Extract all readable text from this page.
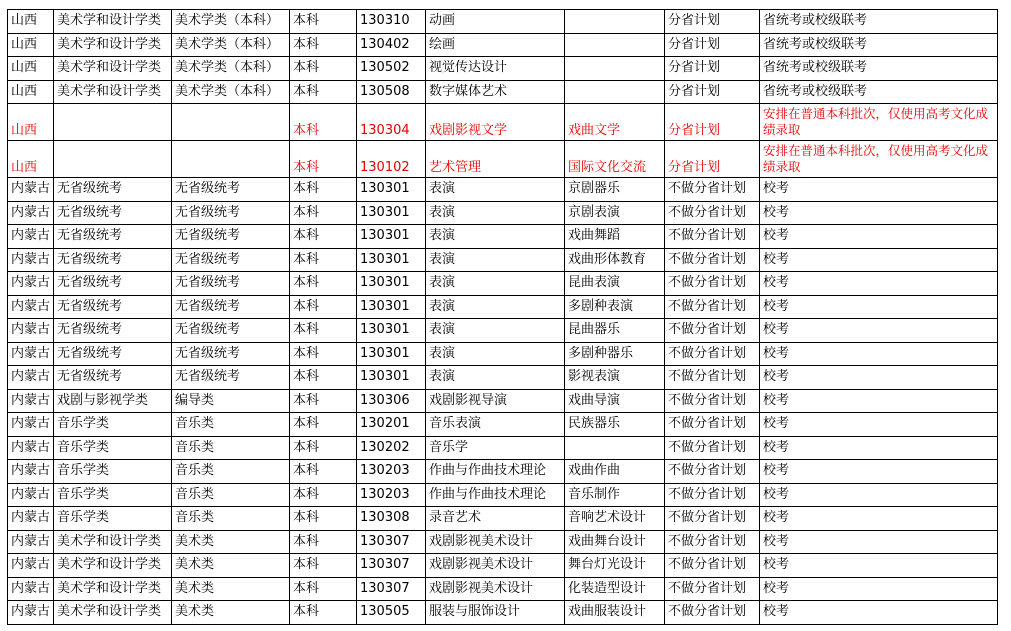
山西	美术学和设计学类	美术学类（本科）	本科	130310	动画		分省计划	省统考或校级联考
山西	美术学和设计学类	美术学类（本科）	本科	130402	绘画		分省计划	省统考或校级联考
山西	美术学和设计学类	美术学类（本科）	本科	130502	视觉传达设计		分省计划	省统考或校级联考
山西	美术学和设计学类	美术学类（本科）	本科	130508	数字媒体艺术		分省计划	省统考或校级联考
山西			本科	130304	戏剧影视文学	戏曲文学	分省计划	安排在普通本科批次，仅使用高考文化成绩录取
山西			本科	130102	艺术管理	国际文化交流	分省计划	安排在普通本科批次，仅使用高考文化成绩录取
内蒙古	无省级统考	无省级统考	本科	130301	表演	京剧器乐	不做分省计划	校考
内蒙古	无省级统考	无省级统考	本科	130301	表演	京剧表演	不做分省计划	校考
内蒙古	无省级统考	无省级统考	本科	130301	表演	戏曲舞蹈	不做分省计划	校考
内蒙古	无省级统考	无省级统考	本科	130301	表演	戏曲形体教育	不做分省计划	校考
内蒙古	无省级统考	无省级统考	本科	130301	表演	昆曲表演	不做分省计划	校考
内蒙古	无省级统考	无省级统考	本科	130301	表演	多剧种表演	不做分省计划	校考
内蒙古	无省级统考	无省级统考	本科	130301	表演	昆曲器乐	不做分省计划	校考
内蒙古	无省级统考	无省级统考	本科	130301	表演	多剧种器乐	不做分省计划	校考
内蒙古	无省级统考	无省级统考	本科	130301	表演	影视表演	不做分省计划	校考
内蒙古	戏剧与影视学类	编导类	本科	130306	戏剧影视导演	戏曲导演	不做分省计划	校考
内蒙古	音乐学类	音乐类	本科	130201	音乐表演	民族器乐	不做分省计划	校考
内蒙古	音乐学类	音乐类	本科	130202	音乐学		不做分省计划	校考
内蒙古	音乐学类	音乐类	本科	130203	作曲与作曲技术理论	戏曲作曲	不做分省计划	校考
内蒙古	音乐学类	音乐类	本科	130203	作曲与作曲技术理论	音乐制作	不做分省计划	校考
内蒙古	音乐学类	音乐类	本科	130308	录音艺术	音响艺术设计	不做分省计划	校考
内蒙古	美术学和设计学类	美术类	本科	130307	戏剧影视美术设计	戏曲舞台设计	不做分省计划	校考
内蒙古	美术学和设计学类	美术类	本科	130307	戏剧影视美术设计	舞台灯光设计	不做分省计划	校考
内蒙古	美术学和设计学类	美术类	本科	130307	戏剧影视美术设计	化装造型设计	不做分省计划	校考
内蒙古	美术学和设计学类	美术类	本科	130505	服装与服饰设计	戏曲服装设计	不做分省计划	校考
